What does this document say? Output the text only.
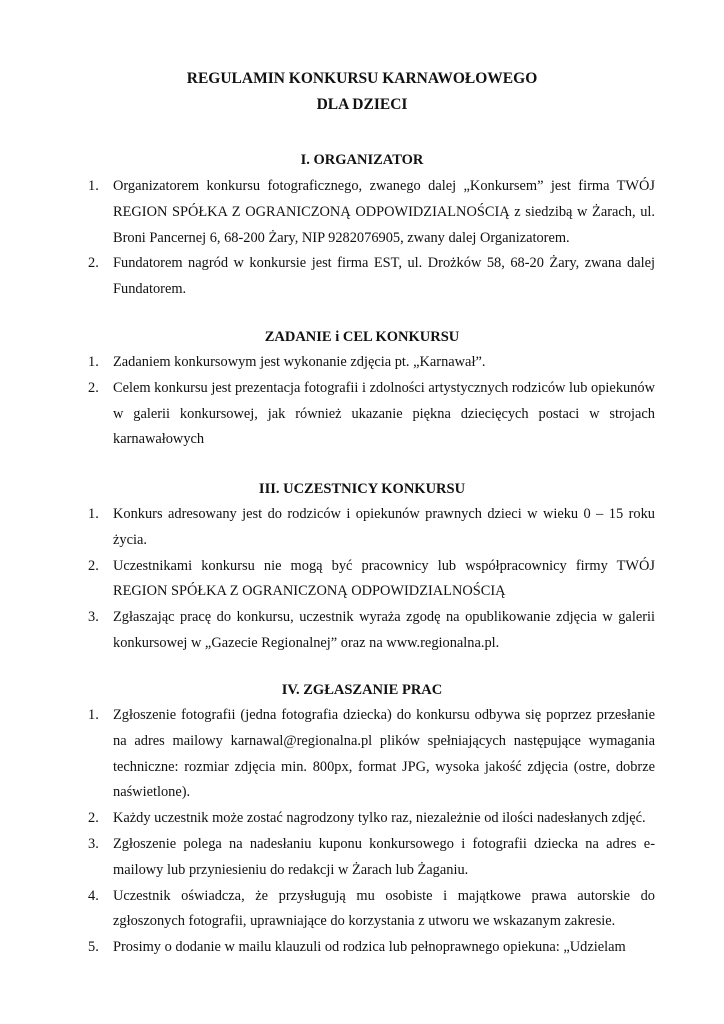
REGULAMIN KONKURSU KARNAWOŁOWEGO
DLA DZIECI
I. ORGANIZATOR
1. Organizatorem konkursu fotograficznego, zwanego dalej „Konkursem” jest firma TWÓJ REGION SPÓŁKA Z OGRANICZONĄ ODPOWIDZIALNOŚCIĄ z siedzibą w Żarach, ul. Broni Pancernej 6, 68-200 Żary, NIP 9282076905, zwany dalej Organizatorem.
2. Fundatorem nagród w konkursie jest firma EST, ul. Drożków 58, 68-20 Żary, zwana dalej Fundatorem.
ZADANIE i CEL KONKURSU
1. Zadaniem konkursowym jest wykonanie zdjęcia pt. „Karnawał”.
2. Celem konkursu jest prezentacja fotografii i zdolności artystycznych rodziców lub opiekunów w galerii konkursowej, jak również ukazanie piękna dziecięcych postaci w strojach karnawałowych
III. UCZESTNICY KONKURSU
1. Konkurs adresowany jest do rodziców i opiekunów prawnych dzieci w wieku 0 – 15 roku życia.
2. Uczestnikami konkursu nie mogą być pracownicy lub współpracownicy firmy TWÓJ REGION SPÓŁKA Z OGRANICZONĄ ODPOWIDZIALNOŚCIĄ
3. Zgłaszając pracę do konkursu, uczestnik wyraża zgodę na opublikowanie zdjęcia w galerii konkursowej w „Gazecie Regionalnej” oraz na www.regionalna.pl.
IV. ZGŁASZANIE PRAC
1. Zgłoszenie fotografii (jedna fotografia dziecka) do konkursu odbywa się poprzez przesłanie na adres mailowy karnawal@regionalna.pl plików spełniających następujące wymagania techniczne: rozmiar zdjęcia min. 800px, format JPG, wysoka jakość zdjęcia (ostre, dobrze naświetlone).
2. Każdy uczestnik może zostać nagrodzony tylko raz, niezależnie od ilości nadesłanych zdjęć.
3. Zgłoszenie polega na nadesłaniu kuponu konkursowego i fotografii dziecka na adres e-mailowy lub przyniesieniu do redakcji w Żarach lub Żaganiu.
4. Uczestnik oświadcza, że przysługują mu osobiste i majątkowe prawa autorskie do zgłoszonych fotografii, uprawniające do korzystania z utworu we wskazanym zakresie.
5. Prosimy o dodanie w mailu klauzuli od rodzica lub pełnoprawnego opiekuna: „Udzielam
